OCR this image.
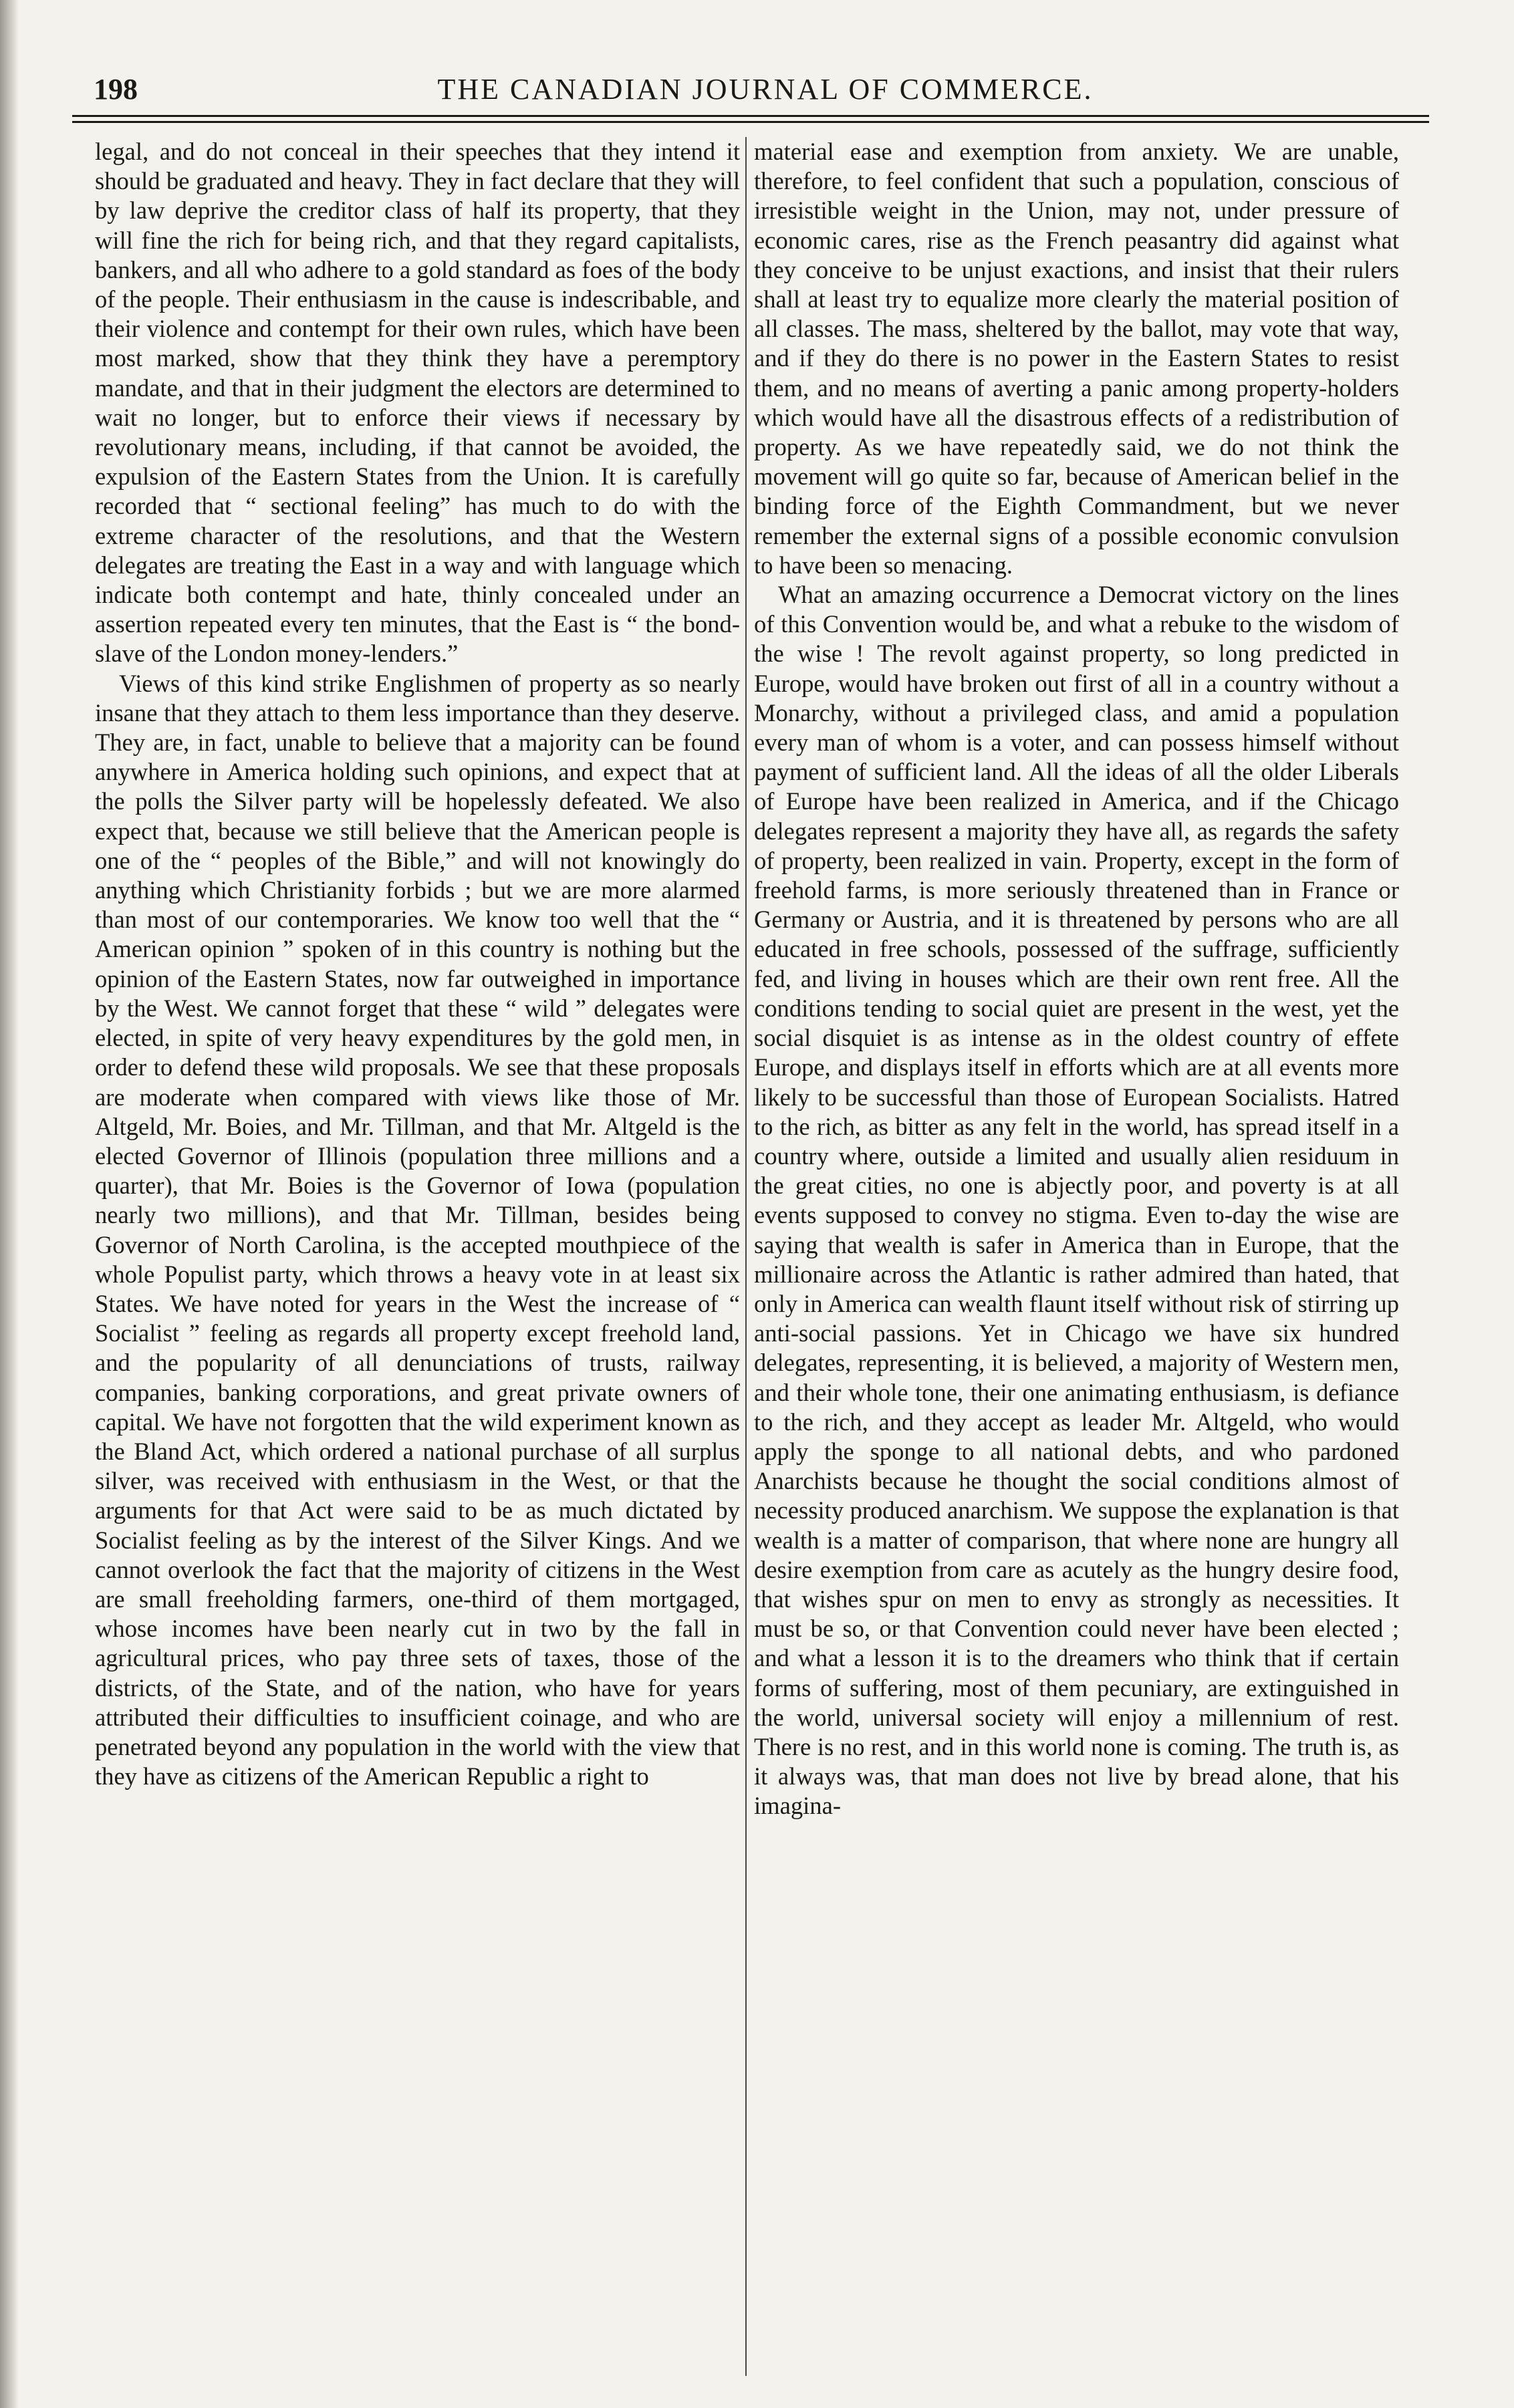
198	THE CANADIAN JOURNAL OF COMMERCE.

legal, and do not conceal in their speeches that they intend it should be graduated and heavy. They in fact declare that they will by law deprive the creditor class of half its property, that they will fine the rich for being rich, and that they regard capitalists, bankers, and all who adhere to a gold standard as foes of the body of the people. Their enthusiasm in the cause is indescribable, and their violence and contempt for their own rules, which have been most marked, show that they think they have a peremptory mandate, and that in their judgment the electors are determined to wait no longer, but to enforce their views if necessary by revolutionary means, including, if that cannot be avoided, the expulsion of the Eastern States from the Union. It is carefully recorded that “ sectional feeling” has much to do with the extreme character of the resolutions, and that the Western delegates are treating the East in a way and with language which indicate both contempt and hate, thinly concealed under an assertion repeated every ten minutes, that the East is “ the bond-slave of the London money-lenders.”

Views of this kind strike Englishmen of property as so nearly insane that they attach to them less importance than they deserve. They are, in fact, unable to believe that a majority can be found anywhere in America holding such opinions, and expect that at the polls the Silver party will be hopelessly defeated. We also expect that, because we still believe that the American people is one of the “ peoples of the Bible,” and will not knowingly do anything which Christianity forbids ; but we are more alarmed than most of our contemporaries. We know too well that the “ American opinion ” spoken of in this country is nothing but the opinion of the Eastern States, now far outweighed in importance by the West. We cannot forget that these “ wild ” delegates were elected, in spite of very heavy expenditures by the gold men, in order to defend these wild proposals. We see that these proposals are moderate when compared with views like those of Mr. Altgeld, Mr. Boies, and Mr. Tillman, and that Mr. Altgeld is the elected Governor of Illinois (population three millions and a quarter), that Mr. Boies is the Governor of Iowa (population nearly two millions), and that Mr. Tillman, besides being Governor of North Carolina, is the accepted mouthpiece of the whole Populist party, which throws a heavy vote in at least six States. We have noted for years in the West the increase of “ Socialist ” feeling as regards all property except freehold land, and the popularity of all denunciations of trusts, railway companies, banking corporations, and great private owners of capital. We have not forgotten that the wild experiment known as the Bland Act, which ordered a national purchase of all surplus silver, was received with enthusiasm in the West, or that the arguments for that Act were said to be as much dictated by Socialist feeling as by the interest of the Silver Kings. And we cannot overlook the fact that the majority of citizens in the West are small freeholding farmers, one-third of them mortgaged, whose incomes have been nearly cut in two by the fall in agricultural prices, who pay three sets of taxes, those of the districts, of the State, and of the nation, who have for years attributed their difficulties to insufficient coinage, and who are penetrated beyond any population in the world with the view that they have as citizens of the American Republic a right to

material ease and exemption from anxiety. We are unable, therefore, to feel confident that such a population, conscious of irresistible weight in the Union, may not, under pressure of economic cares, rise as the French peasantry did against what they conceive to be unjust exactions, and insist that their rulers shall at least try to equalize more clearly the material position of all classes. The mass, sheltered by the ballot, may vote that way, and if they do there is no power in the Eastern States to resist them, and no means of averting a panic among property-holders which would have all the disastrous effects of a redistribution of property. As we have repeatedly said, we do not think the movement will go quite so far, because of American belief in the binding force of the Eighth Commandment, but we never remember the external signs of a possible economic convulsion to have been so menacing.

What an amazing occurrence a Democrat victory on the lines of this Convention would be, and what a rebuke to the wisdom of the wise ! The revolt against property, so long predicted in Europe, would have broken out first of all in a country without a Monarchy, without a privileged class, and amid a population every man of whom is a voter, and can possess himself without payment of sufficient land. All the ideas of all the older Liberals of Europe have been realized in America, and if the Chicago delegates represent a majority they have all, as regards the safety of property, been realized in vain. Property, except in the form of freehold farms, is more seriously threatened than in France or Germany or Austria, and it is threatened by persons who are all educated in free schools, possessed of the suffrage, sufficiently fed, and living in houses which are their own rent free. All the conditions tending to social quiet are present in the west, yet the social disquiet is as intense as in the oldest country of effete Europe, and displays itself in efforts which are at all events more likely to be successful than those of European Socialists. Hatred to the rich, as bitter as any felt in the world, has spread itself in a country where, outside a limited and usually alien residuum in the great cities, no one is abjectly poor, and poverty is at all events supposed to convey no stigma. Even to-day the wise are saying that wealth is safer in America than in Europe, that the millionaire across the Atlantic is rather admired than hated, that only in America can wealth flaunt itself without risk of stirring up anti-social passions. Yet in Chicago we have six hundred delegates, representing, it is believed, a majority of Western men, and their whole tone, their one animating enthusiasm, is defiance to the rich, and they accept as leader Mr. Altgeld, who would apply the sponge to all national debts, and who pardoned Anarchists because he thought the social conditions almost of necessity produced anarchism. We suppose the explanation is that wealth is a matter of comparison, that where none are hungry all desire exemption from care as acutely as the hungry desire food, that wishes spur on men to envy as strongly as necessities. It must be so, or that Convention could never have been elected ; and what a lesson it is to the dreamers who think that if certain forms of suffering, most of them pecuniary, are extinguished in the world, universal society will enjoy a millennium of rest. There is no rest, and in this world none is coming. The truth is, as it always was, that man does not live by bread alone, that his imagina-
